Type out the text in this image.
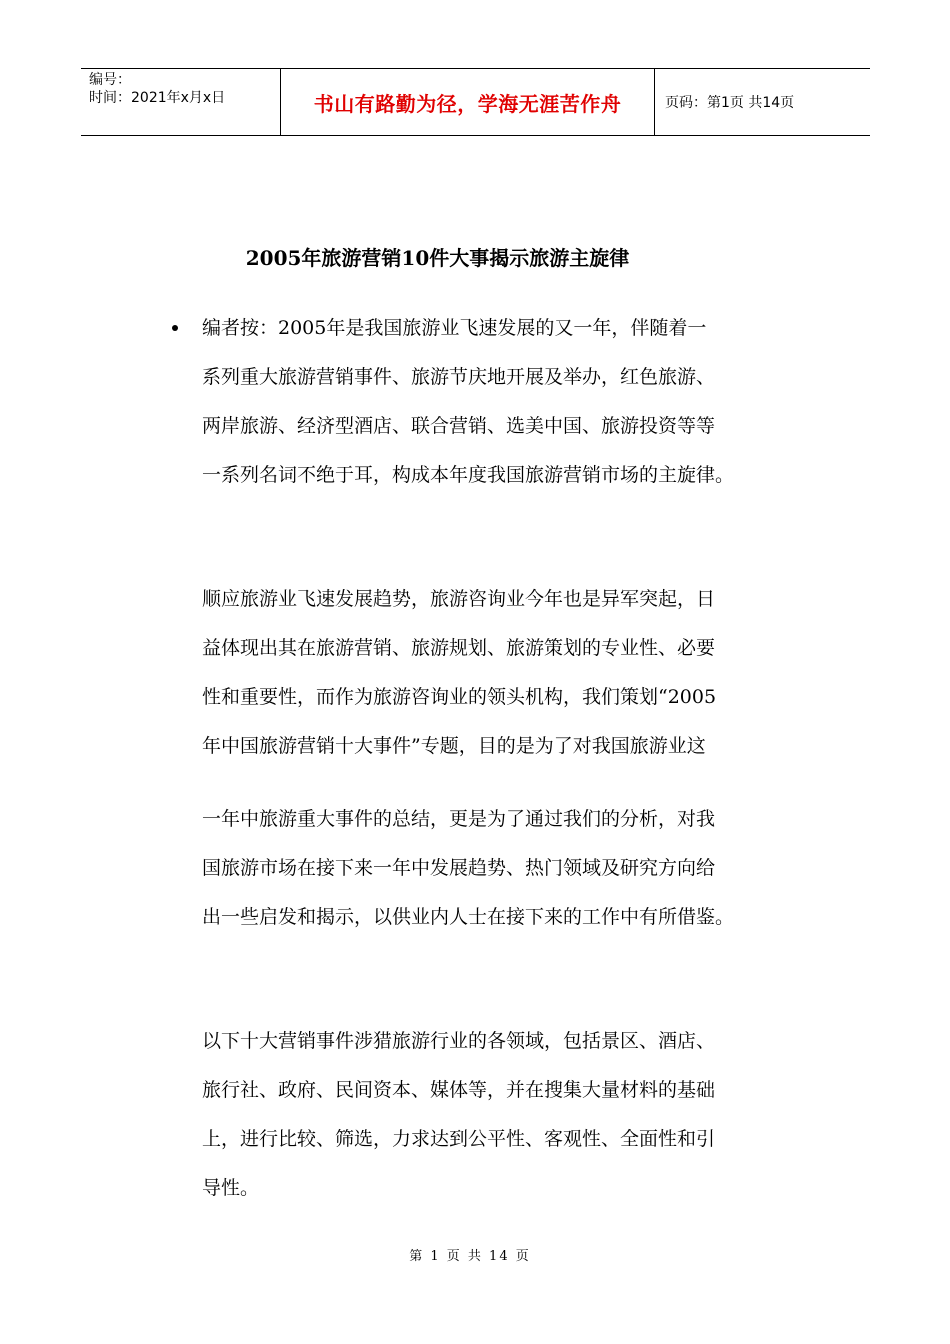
编号：
时间：2021年x月x日	书山有路勤为径，学海无涯苦作舟	页码：第1页 共14页
2005年旅游营销10件大事揭示旅游主旋律
编者按：2005年是我国旅游业飞速发展的又一年，伴随着一
系列重大旅游营销事件、旅游节庆地开展及举办，红色旅游、
两岸旅游、经济型酒店、联合营销、选美中国、旅游投资等等
一系列名词不绝于耳，构成本年度我国旅游营销市场的主旋律。
顺应旅游业飞速发展趋势，旅游咨询业今年也是异军突起，日
益体现出其在旅游营销、旅游规划、旅游策划的专业性、必要
性和重要性，而作为旅游咨询业的领头机构，我们策划“2005
年中国旅游营销十大事件”专题，目的是为了对我国旅游业这
一年中旅游重大事件的总结，更是为了通过我们的分析，对我
国旅游市场在接下来一年中发展趋势、热门领域及研究方向给
出一些启发和揭示，以供业内人士在接下来的工作中有所借鉴。
以下十大营销事件涉猎旅游行业的各领域，包括景区、酒店、
旅行社、政府、民间资本、媒体等，并在搜集大量材料的基础
上，进行比较、筛选，力求达到公平性、客观性、全面性和引
导性。
第 1 页 共 14 页
